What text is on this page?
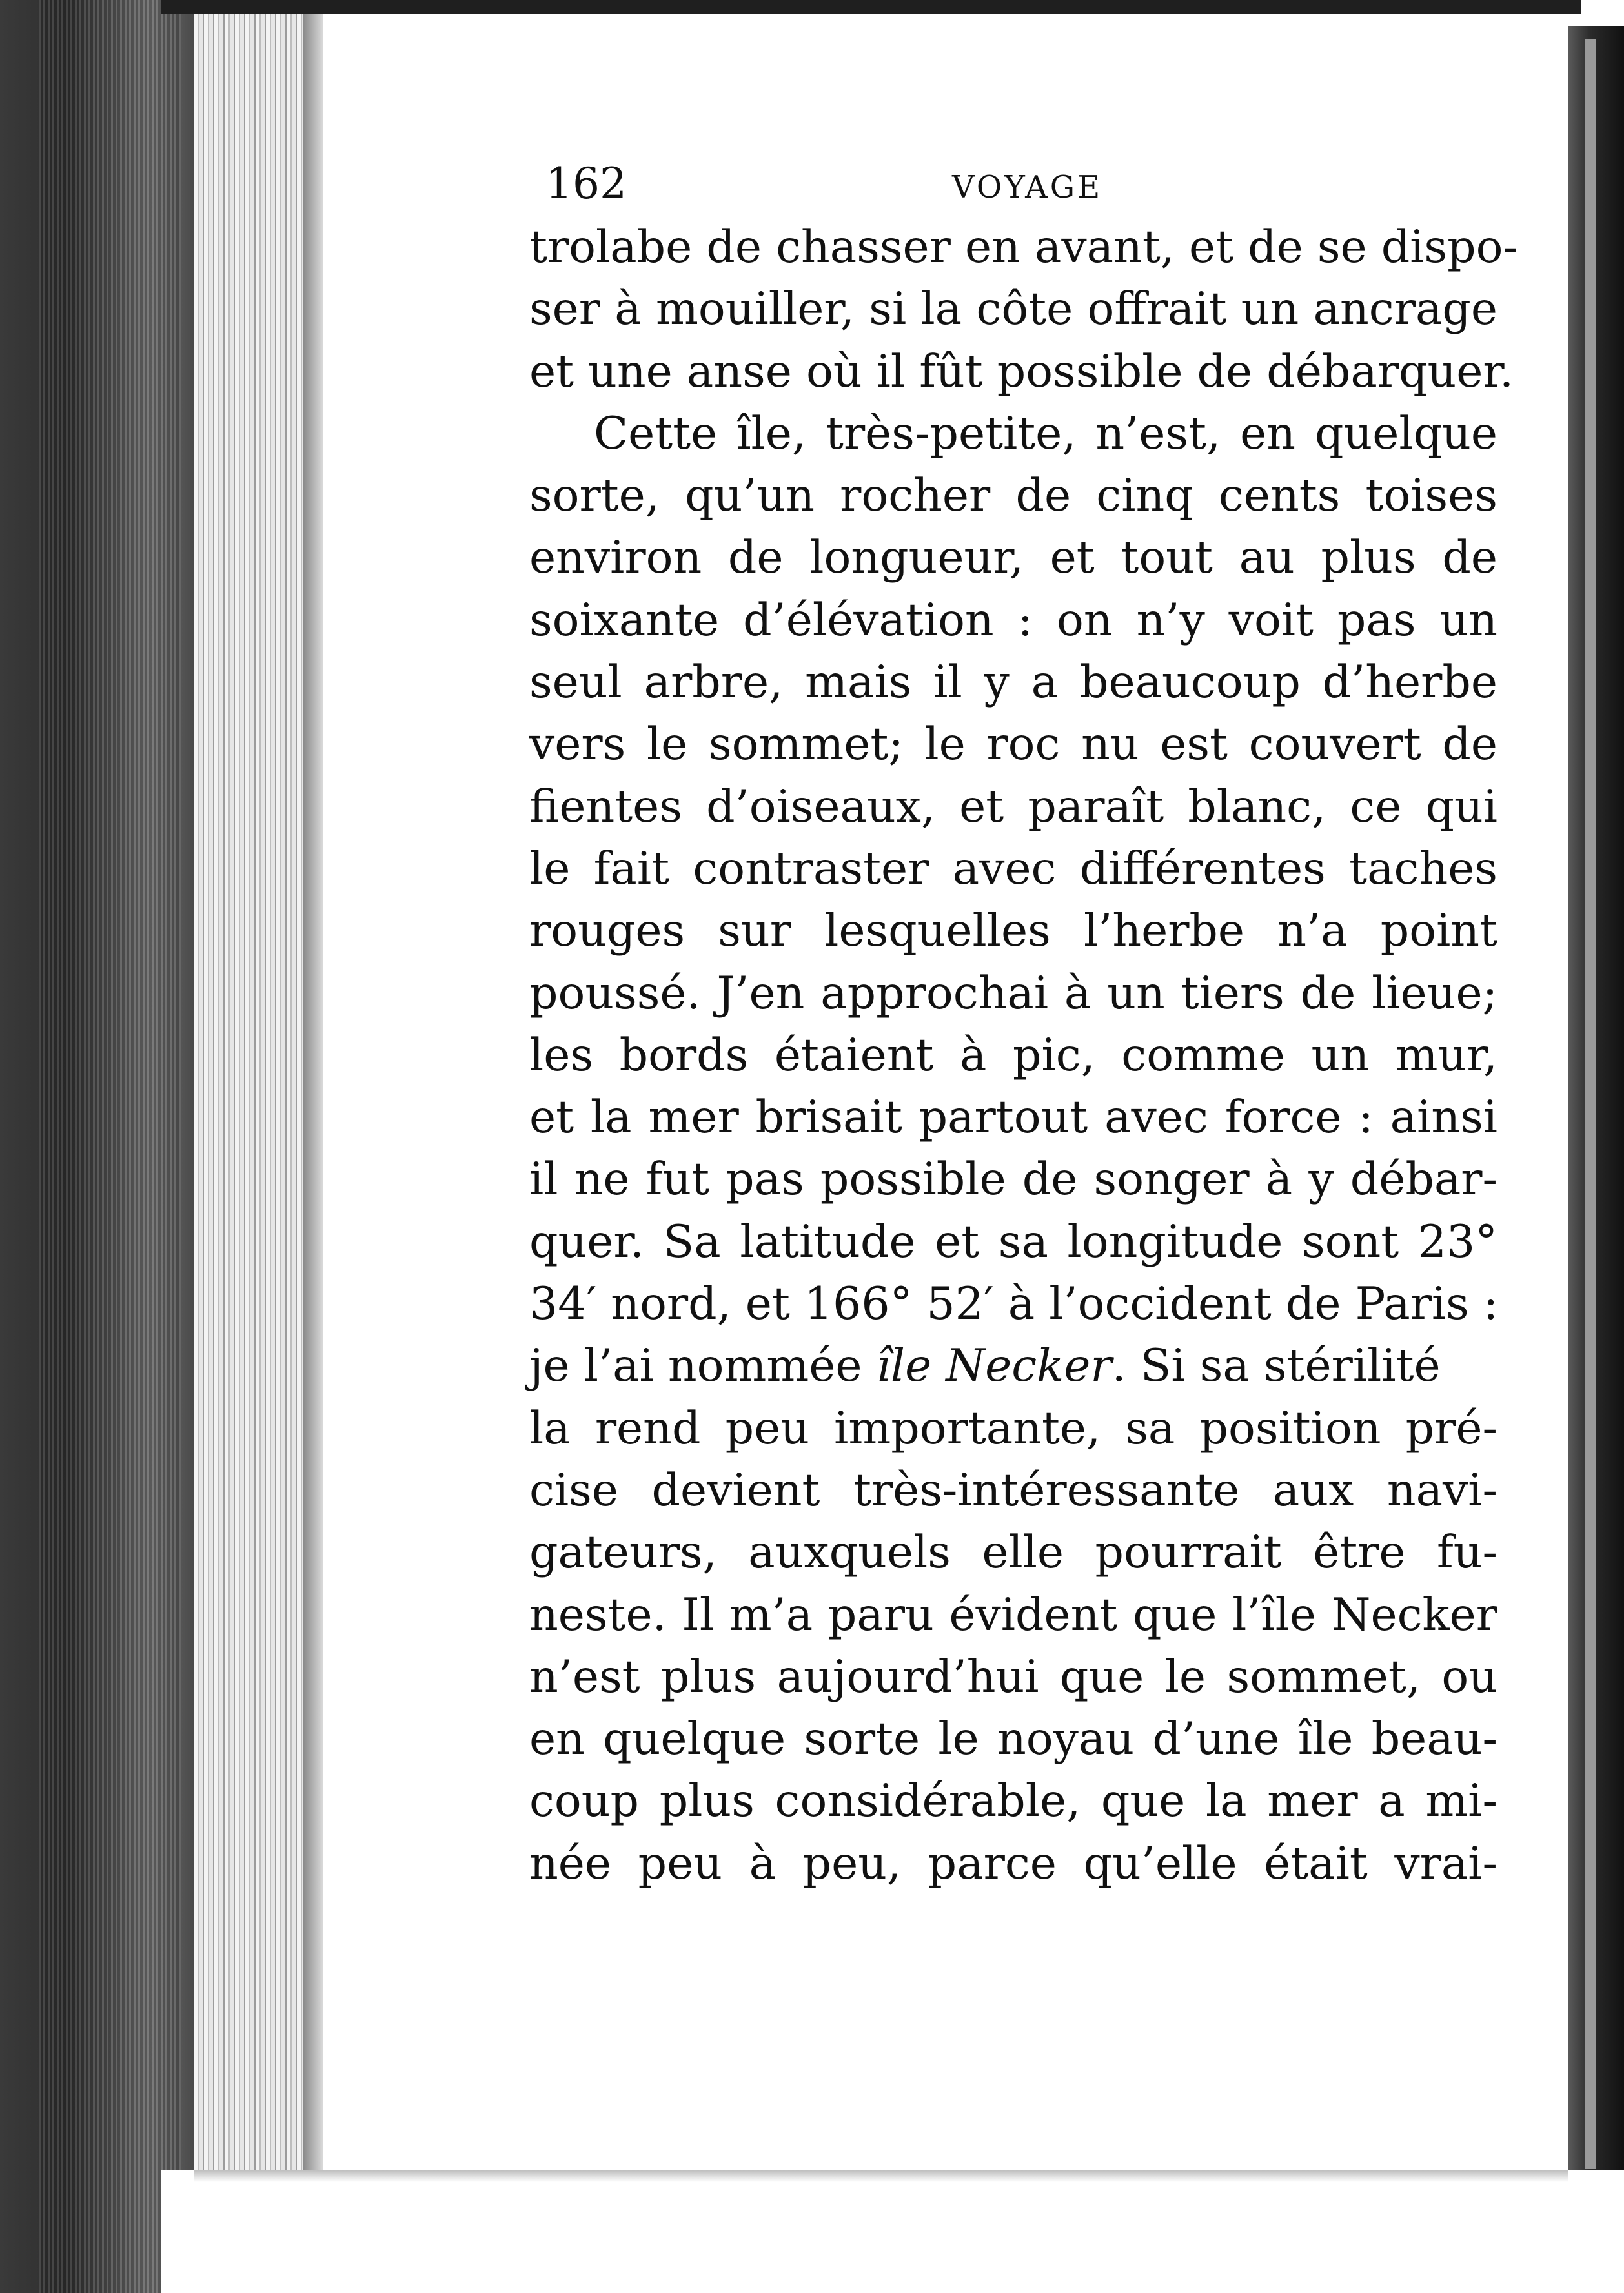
162	VOYAGE
trolabe de chasser en avant, et de se dispo-
ser à mouiller, si la côte offrait un ancrage
et une anse où il fût possible de débarquer.
Cette île, très-petite, n’est, en quelque
sorte, qu’un rocher de cinq cents toises
environ de longueur, et tout au plus de
soixante d’élévation : on n’y voit pas un
seul arbre, mais il y a beaucoup d’herbe
vers le sommet; le roc nu est couvert de
fientes d’oiseaux, et paraît blanc, ce qui
le fait contraster avec différentes taches
rouges sur lesquelles l’herbe n’a point
poussé. J’en approchai à un tiers de lieue;
les bords étaient à pic, comme un mur,
et la mer brisait partout avec force : ainsi
il ne fut pas possible de songer à y débar-
quer. Sa latitude et sa longitude sont 23°
34′ nord, et 166° 52′ à l’occident de Paris :
je l’ai nommée île Necker. Si sa stérilité
la rend peu importante, sa position pré-
cise devient très-intéressante aux navi-
gateurs, auxquels elle pourrait être fu-
neste. Il m’a paru évident que l’île Necker
n’est plus aujourd’hui que le sommet, ou
en quelque sorte le noyau d’une île beau-
coup plus considérable, que la mer a mi-
née peu à peu, parce qu’elle était vrai-
